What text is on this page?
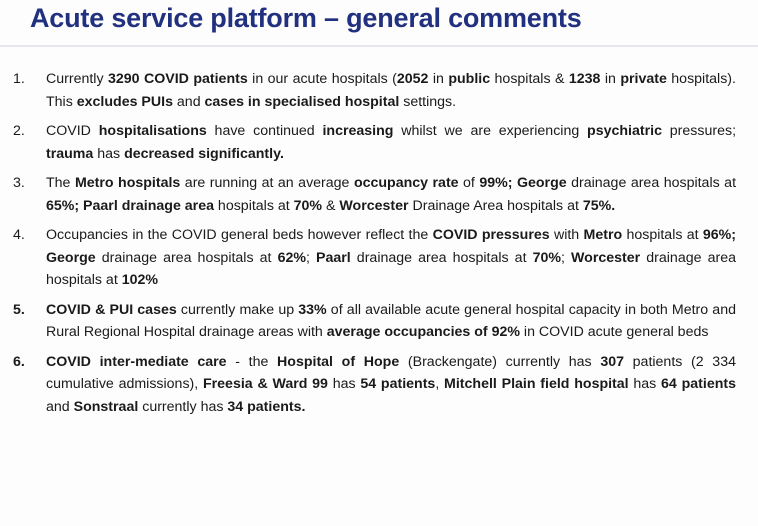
Acute service platform – general comments
1.	Currently 3290 COVID patients in our acute hospitals (2052 in public hospitals & 1238 in private hospitals). This excludes PUIs and cases in specialised hospital settings.
2.	COVID hospitalisations have continued increasing whilst we are experiencing psychiatric pressures; trauma has decreased significantly.
3.	The Metro hospitals are running at an average occupancy rate of 99%; George drainage area hospitals at 65%; Paarl drainage area hospitals at 70% & Worcester Drainage Area hospitals at 75%.
4.	Occupancies in the COVID general beds however reflect the COVID pressures with Metro hospitals at 96%; George drainage area hospitals at 62%; Paarl drainage area hospitals at 70%; Worcester drainage area hospitals at 102%
5.	COVID & PUI cases currently make up 33% of all available acute general hospital capacity in both Metro and Rural Regional Hospital drainage areas with average occupancies of 92% in COVID acute general beds
6.	COVID inter-mediate care - the Hospital of Hope (Brackengate) currently has 307 patients (2 334 cumulative admissions), Freesia & Ward 99 has 54 patients, Mitchell Plain field hospital has 64 patients and Sonstraal currently has 34 patients.
